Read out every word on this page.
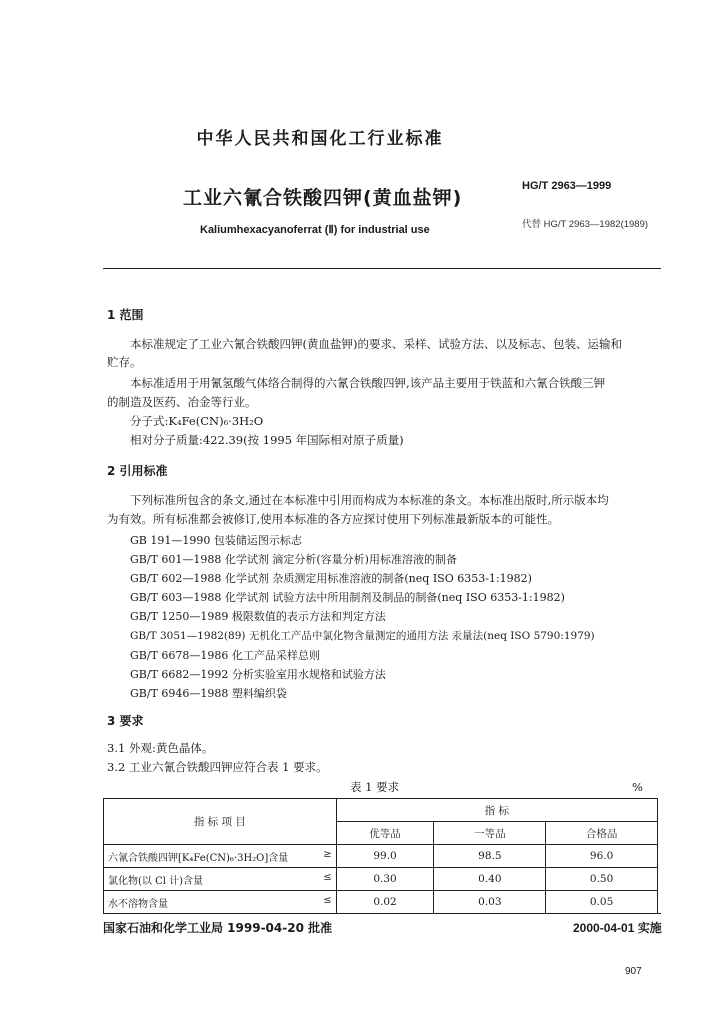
中华人民共和国化工行业标准
工业六氰合铁酸四钾(黄血盐钾)
HG/T 2963—1999
Kaliumhexacyanoferrat (Ⅱ) for industrial use	代替 HG/T 2963—1982(1989)
1 范围
本标准规定了工业六氰合铁酸四钾(黄血盐钾)的要求、采样、试验方法、以及标志、包装、运输和
贮存。
本标准适用于用氰氢酸气体络合制得的六氰合铁酸四钾,该产品主要用于铁蓝和六氰合铁酸三钾
的制造及医药、冶金等行业。
分子式:K₄Fe(CN)₆·3H₂O
相对分子质量:422.39(按 1995 年国际相对原子质量)
2 引用标准
下列标准所包含的条文,通过在本标准中引用而构成为本标准的条文。本标准出版时,所示版本均
为有效。所有标准都会被修订,使用本标准的各方应探讨使用下列标准最新版本的可能性。
GB 191—1990 包装储运图示标志
GB/T 601—1988 化学试剂 滴定分析(容量分析)用标准溶液的制备
GB/T 602—1988 化学试剂 杂质测定用标准溶液的制备(neq ISO 6353-1:1982)
GB/T 603—1988 化学试剂 试验方法中所用制剂及制品的制备(neq ISO 6353-1:1982)
GB/T 1250—1989 极限数值的表示方法和判定方法
GB/T 3051—1982(89) 无机化工产品中氯化物含量测定的通用方法 汞量法(neq ISO 5790:1979)
GB/T 6678—1986 化工产品采样总则
GB/T 6682—1992 分析实验室用水规格和试验方法
GB/T 6946—1988 塑料编织袋
3 要求
3.1 外观:黄色晶体。
3.2 工业六氰合铁酸四钾应符合表 1 要求。
表 1 要求	%
指 标 项 目	指 标		
	优等品	一等品	合格品

六氰合铁酸四钾[K₄Fe(CN)₆·3H₂O]含量 ≥	99.0	98.5	96.0

氯化物(以 Cl 计)含量 ≤	0.30	0.40	0.50

水不溶物含量 ≤	0.02	0.03	0.05
国家石油和化学工业局 1999-04-20 批准	2000-04-01 实施
907
